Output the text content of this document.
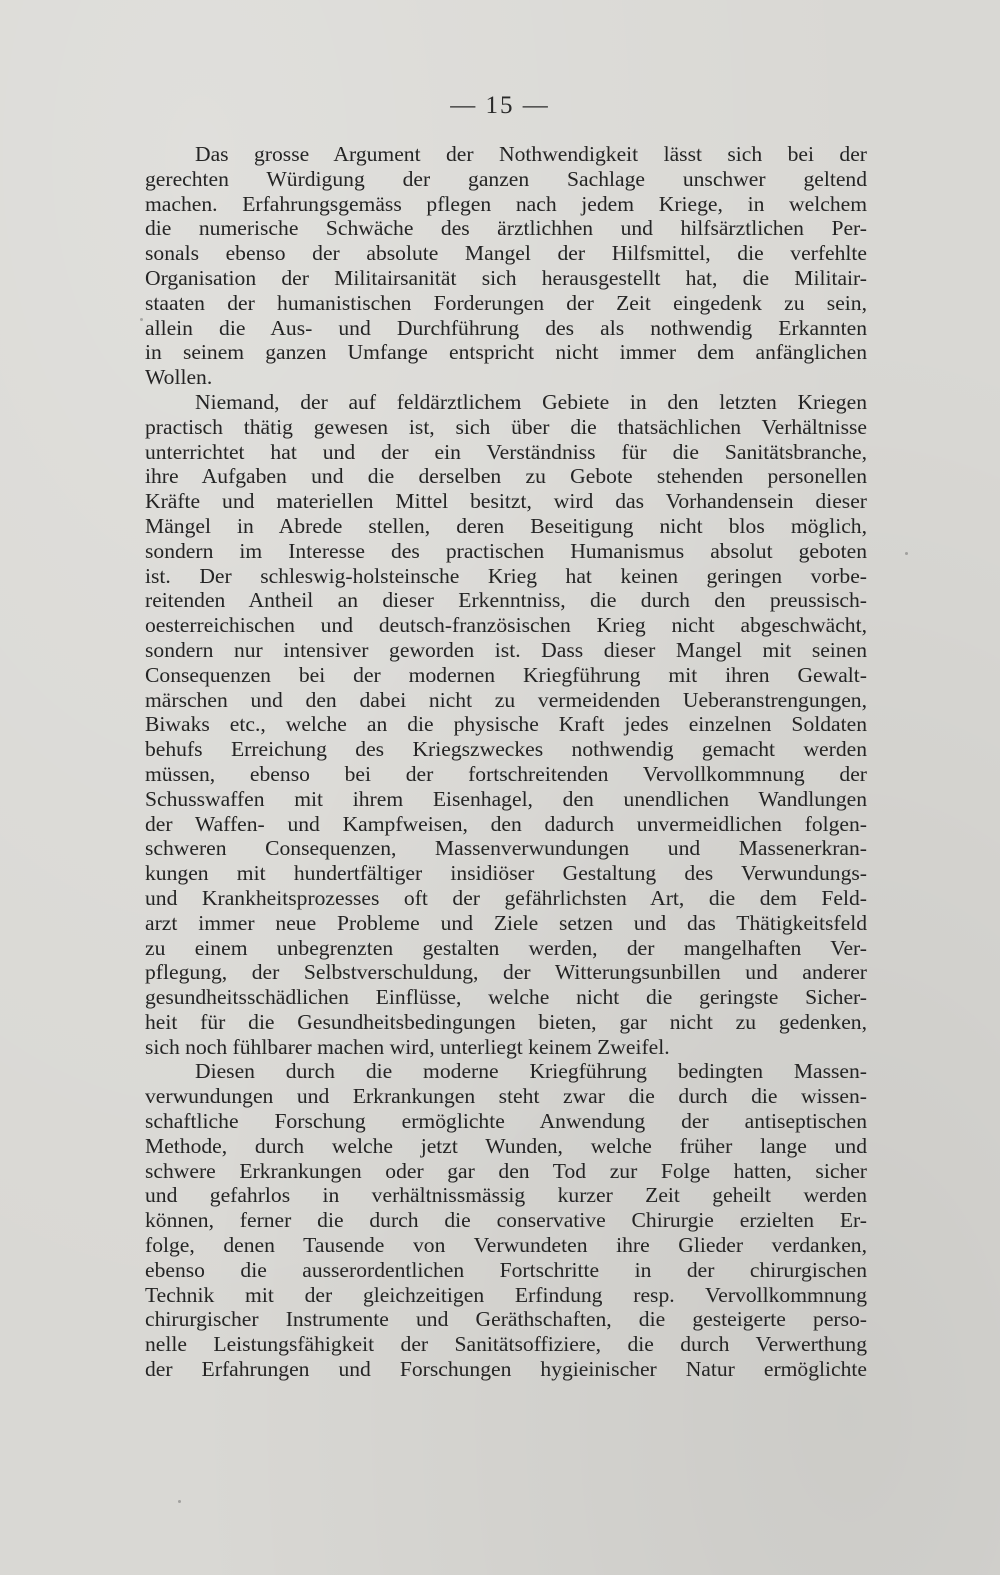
— 15 —
Das grosse Argument der Nothwendigkeit lässt sich bei der
gerechten Würdigung der ganzen Sachlage unschwer geltend
machen. Erfahrungsgemäss pflegen nach jedem Kriege, in welchem
die numerische Schwäche des ärztlichhen und hilfsärztlichen Per-
sonals ebenso der absolute Mangel der Hilfsmittel, die verfehlte
Organisation der Militairsanität sich herausgestellt hat, die Militair-
staaten der humanistischen Forderungen der Zeit eingedenk zu sein,
allein die Aus- und Durchführung des als nothwendig Erkannten
in seinem ganzen Umfange entspricht nicht immer dem anfänglichen
Wollen.
Niemand, der auf feldärztlichem Gebiete in den letzten Kriegen
practisch thätig gewesen ist, sich über die thatsächlichen Verhältnisse
unterrichtet hat und der ein Verständniss für die Sanitätsbranche,
ihre Aufgaben und die derselben zu Gebote stehenden personellen
Kräfte und materiellen Mittel besitzt, wird das Vorhandensein dieser
Mängel in Abrede stellen, deren Beseitigung nicht blos möglich,
sondern im Interesse des practischen Humanismus absolut geboten
ist. Der schleswig-holsteinsche Krieg hat keinen geringen vorbe-
reitenden Antheil an dieser Erkenntniss, die durch den preussisch-
oesterreichischen und deutsch-französischen Krieg nicht abgeschwächt,
sondern nur intensiver geworden ist. Dass dieser Mangel mit seinen
Consequenzen bei der modernen Kriegführung mit ihren Gewalt-
märschen und den dabei nicht zu vermeidenden Ueberanstrengungen,
Biwaks etc., welche an die physische Kraft jedes einzelnen Soldaten
behufs Erreichung des Kriegszweckes nothwendig gemacht werden
müssen, ebenso bei der fortschreitenden Vervollkommnung der
Schusswaffen mit ihrem Eisenhagel, den unendlichen Wandlungen
der Waffen- und Kampfweisen, den dadurch unvermeidlichen folgen-
schweren Consequenzen, Massenverwundungen und Massenerkran-
kungen mit hundertfältiger insidiöser Gestaltung des Verwundungs-
und Krankheitsprozesses oft der gefährlichsten Art, die dem Feld-
arzt immer neue Probleme und Ziele setzen und das Thätigkeitsfeld
zu einem unbegrenzten gestalten werden, der mangelhaften Ver-
pflegung, der Selbstverschuldung, der Witterungsunbillen und anderer
gesundheitsschädlichen Einflüsse, welche nicht die geringste Sicher-
heit für die Gesundheitsbedingungen bieten, gar nicht zu gedenken,
sich noch fühlbarer machen wird, unterliegt keinem Zweifel.
Diesen durch die moderne Kriegführung bedingten Massen-
verwundungen und Erkrankungen steht zwar die durch die wissen-
schaftliche Forschung ermöglichte Anwendung der antiseptischen
Methode, durch welche jetzt Wunden, welche früher lange und
schwere Erkrankungen oder gar den Tod zur Folge hatten, sicher
und gefahrlos in verhältnissmässig kurzer Zeit geheilt werden
können, ferner die durch die conservative Chirurgie erzielten Er-
folge, denen Tausende von Verwundeten ihre Glieder verdanken,
ebenso die ausserordentlichen Fortschritte in der chirurgischen
Technik mit der gleichzeitigen Erfindung resp. Vervollkommnung
chirurgischer Instrumente und Geräthschaften, die gesteigerte perso-
nelle Leistungsfähigkeit der Sanitätsoffiziere, die durch Verwerthung
der Erfahrungen und Forschungen hygieinischer Natur ermöglichte
